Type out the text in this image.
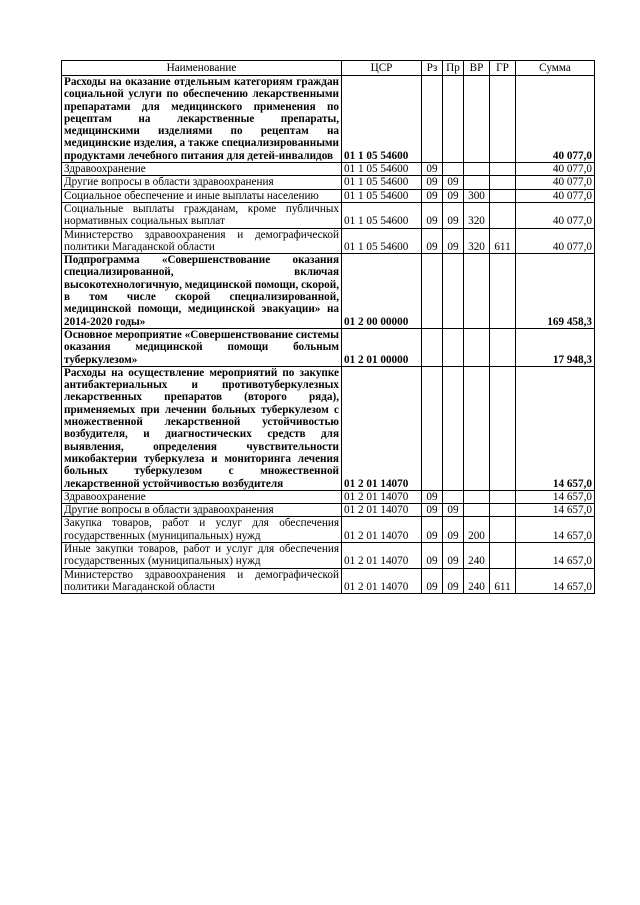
Наименование	ЦСР	Рз	Пр	ВР	ГР	Сумма
Расходы на оказание отдельным категориям граждан социальной услуги по обеспечению лекарственными препаратами для медицинского применения по рецептам на лекарственные препараты, медицинскими изделиями по рецептам на медицинские изделия, а также специализированными продуктами лечебного питания для детей-инвалидов	01 1 05 54600					40 077,0
Здравоохранение	01 1 05 54600	09				40 077,0
Другие вопросы в области здравоохранения	01 1 05 54600	09	09			40 077,0
Социальное обеспечение и иные выплаты населению	01 1 05 54600	09	09	300		40 077,0
Социальные выплаты гражданам, кроме публичных нормативных социальных выплат	01 1 05 54600	09	09	320		40 077,0
Министерство здравоохранения и демографической политики Магаданской области	01 1 05 54600	09	09	320	611	40 077,0
Подпрограмма «Совершенствование оказания специализированной, включая высокотехнологичную, медицинской помощи, скорой, в том числе скорой специализированной, медицинской помощи, медицинской эвакуации» на 2014-2020 годы»	01 2 00 00000					169 458,3
Основное мероприятие «Совершенствование системы оказания медицинской помощи больным туберкулезом»	01 2 01 00000					17 948,3
Расходы на осуществление мероприятий по закупке антибактериальных и противотуберкулезных лекарственных препаратов (второго ряда), применяемых при лечении больных туберкулезом с множественной лекарственной устойчивостью возбудителя, и диагностических средств для выявления, определения чувствительности микобактерии туберкулеза и мониторинга лечения больных туберкулезом с множественной лекарственной устойчивостью возбудителя	01 2 01 14070					14 657,0
Здравоохранение	01 2 01 14070	09				14 657,0
Другие вопросы в области здравоохранения	01 2 01 14070	09	09			14 657,0
Закупка товаров, работ и услуг для обеспечения государственных (муниципальных) нужд	01 2 01 14070	09	09	200		14 657,0
Иные закупки товаров, работ и услуг для обеспечения государственных (муниципальных) нужд	01 2 01 14070	09	09	240		14 657,0
Министерство здравоохранения и демографической политики Магаданской области	01 2 01 14070	09	09	240	611	14 657,0
